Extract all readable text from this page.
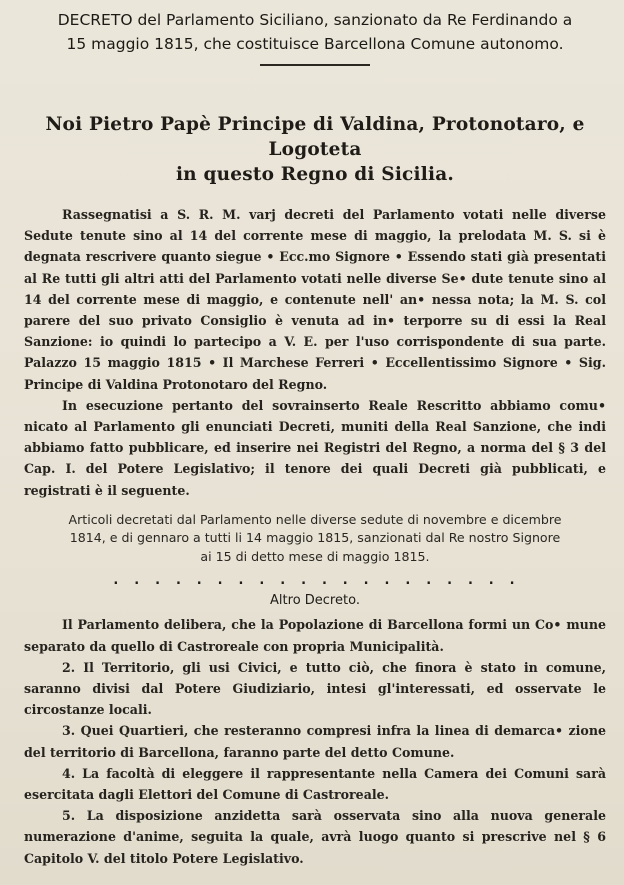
DECRETO del Parlamento Siciliano, sanzionato da Re Ferdinando a
15 maggio 1815, che costituisce Barcellona Comune autonomo.
Noi Pietro Papè Principe di Valdina, Protonotaro, e Logoteta
in questo Regno di Sicilia.

Rassegnatisi a S. R. M. varj decreti del Parlamento votati nelle diverse Sedute tenute sino al 14 del corrente mese di maggio, la prelodata M. S. si è degnata rescrivere quanto siegue • Ecc.mo Signore • Essendo stati già presentati al Re tutti gli altri atti del Parlamento votati nelle diverse Se• dute tenute sino al 14 del corrente mese di maggio, e contenute nell' an• nessa nota; la M. S. col parere del suo privato Consiglio è venuta ad in• terporre su di essi la Real Sanzione: io quindi lo partecipo a V. E. per l'uso corrispondente di sua parte. Palazzo 15 maggio 1815 • Il Marchese Ferreri • Eccellentissimo Signore • Sig. Principe di Valdina Protonotaro del Regno.

In esecuzione pertanto del sovrainserto Reale Rescritto abbiamo comu• nicato al Parlamento gli enunciati Decreti, muniti della Real Sanzione, che indi abbiamo fatto pubblicare, ed inserire nei Registri del Regno, a norma del § 3 del Cap. I. del Potere Legislativo; il tenore dei quali Decreti già pubblicati, e registrati è il seguente.

Articoli decretati dal Parlamento nelle diverse sedute di novembre e dicembre
1814, e di gennaro a tutti li 14 maggio 1815, sanzionati dal Re nostro Signore
ai 15 di detto mese di maggio 1815.
. . . . . . . . . . . . . . . . . . . .
Altro Decreto.

Il Parlamento delibera, che la Popolazione di Barcellona formi un Co• mune separato da quello di Castroreale con propria Municipalità.

2. Il Territorio, gli usi Civici, e tutto ciò, che finora è stato in comune, saranno divisi dal Potere Giudiziario, intesi gl'interessati, ed osservate le circostanze locali.

3. Quei Quartieri, che resteranno compresi infra la linea di demarca• zione del territorio di Barcellona, faranno parte del detto Comune.

4. La facoltà di eleggere il rappresentante nella Camera dei Comuni sarà esercitata dagli Elettori del Comune di Castroreale.

5. La disposizione anzidetta sarà osservata sino alla nuova generale numerazione d'anime, seguita la quale, avrà luogo quanto si prescrive nel § 6 Capitolo V. del titolo Potere Legislativo.
